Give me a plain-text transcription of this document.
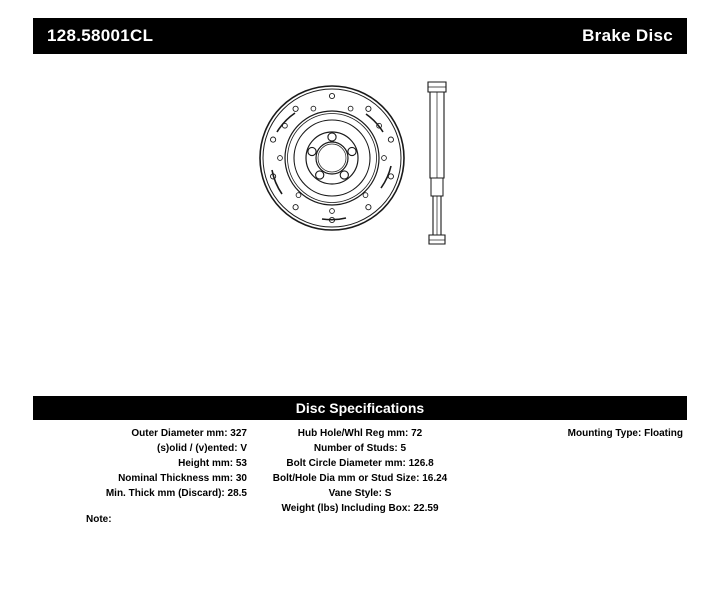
128.58001CL	Brake Disc
Disc Specifications
Outer Diameter mm: 327
(s)olid / (v)ented: V
Height mm: 53
Nominal Thickness mm: 30
Min. Thick mm (Discard): 28.5
Hub Hole/Whl Reg mm: 72
Number of Studs: 5
Bolt Circle Diameter mm: 126.8
Bolt/Hole Dia mm or Stud Size: 16.24
Vane Style: S
Weight (lbs) Including Box: 22.59
Mounting Type: Floating
Note:
